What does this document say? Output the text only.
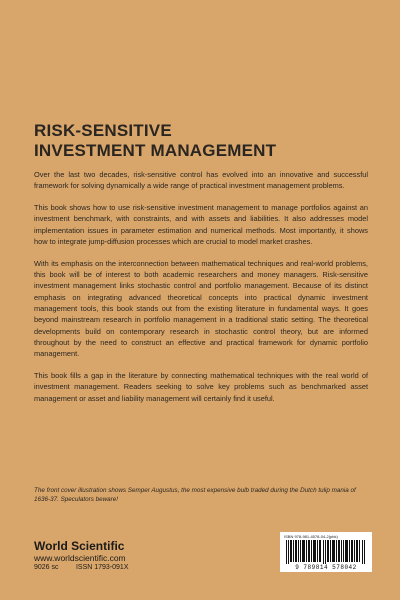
RISK-SENSITIVE
INVESTMENT MANAGEMENT

Over the last two decades, risk-sensitive control has evolved into an innovative and successful framework for solving dynamically a wide range of practical investment management problems.

This book shows how to use risk-sensitive investment management to manage portfolios against an investment benchmark, with constraints, and with assets and liabilities. It also addresses model implementation issues in parameter estimation and numerical methods. Most importantly, it shows how to integrate jump-diffusion processes which are crucial to model market crashes.

With its emphasis on the interconnection between mathematical techniques and real-world problems, this book will be of interest to both academic researchers and money managers. Risk-sensitive investment management links stochastic control and portfolio management. Because of its distinct emphasis on integrating advanced theoretical concepts into practical dynamic investment management tools, this book stands out from the existing literature in fundamental ways. It goes beyond mainstream research in portfolio management in a traditional static setting. The theoretical developments build on contemporary research in stochastic control theory, but are informed throughout by the need to construct an effective and practical framework for dynamic portfolio management.

This book fills a gap in the literature by connecting mathematical techniques with the real world of investment management. Readers seeking to solve key problems such as benchmarked asset management or asset and liability management will certainly find it useful.

The front cover illustration shows Semper Augustus, the most expensive bulb traded during the Dutch tulip mania of 1636-37. Speculators beware!
World Scientific
www.worldscientific.com
9026 sc ISSN 1793-091X
ISBN 978-981-4578-04-2(pbk)
9 789814 578042
